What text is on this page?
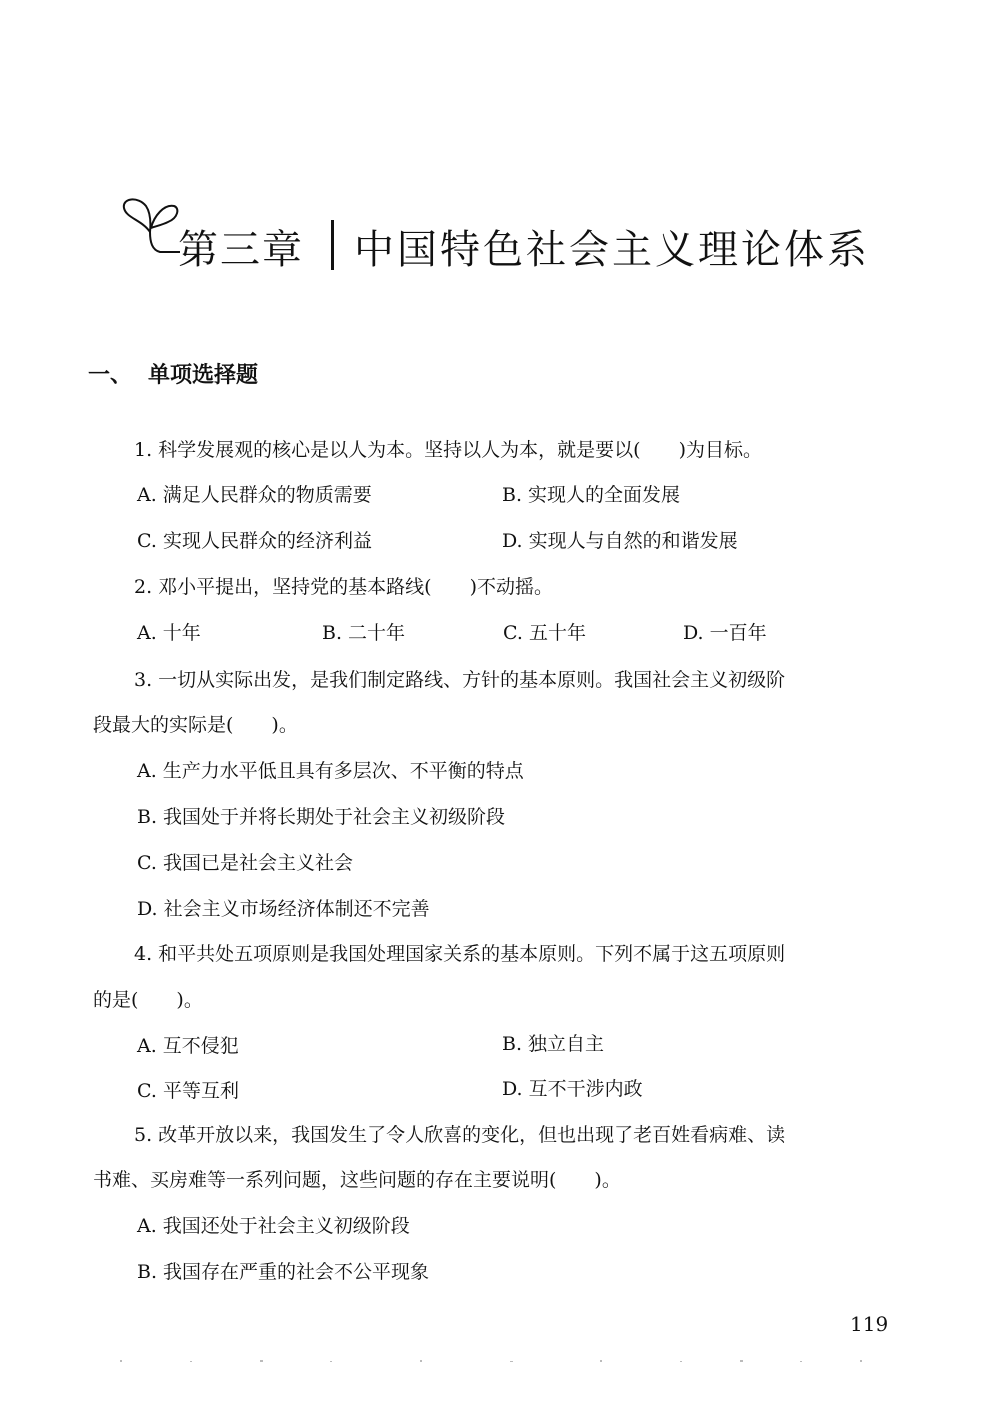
第三章 中国特色社会主义理论体系
一、 单项选择题
1. 科学发展观的核心是以人为本。坚持以人为本，就是要以(　　)为目标。
A. 满足人民群众的物质需要	B. 实现人的全面发展
C. 实现人民群众的经济利益	D. 实现人与自然的和谐发展
2. 邓小平提出，坚持党的基本路线(　　)不动摇。
A. 十年	B. 二十年	C. 五十年	D. 一百年
3. 一切从实际出发，是我们制定路线、方针的基本原则。我国社会主义初级阶
段最大的实际是(　　)。
A. 生产力水平低且具有多层次、不平衡的特点
B. 我国处于并将长期处于社会主义初级阶段
C. 我国已是社会主义社会
D. 社会主义市场经济体制还不完善
4. 和平共处五项原则是我国处理国家关系的基本原则。下列不属于这五项原则
的是(　　)。
A. 互不侵犯	B. 独立自主
C. 平等互利	D. 互不干涉内政
5. 改革开放以来，我国发生了令人欣喜的变化，但也出现了老百姓看病难、读
书难、买房难等一系列问题，这些问题的存在主要说明(　　)。
A. 我国还处于社会主义初级阶段
B. 我国存在严重的社会不公平现象
119
